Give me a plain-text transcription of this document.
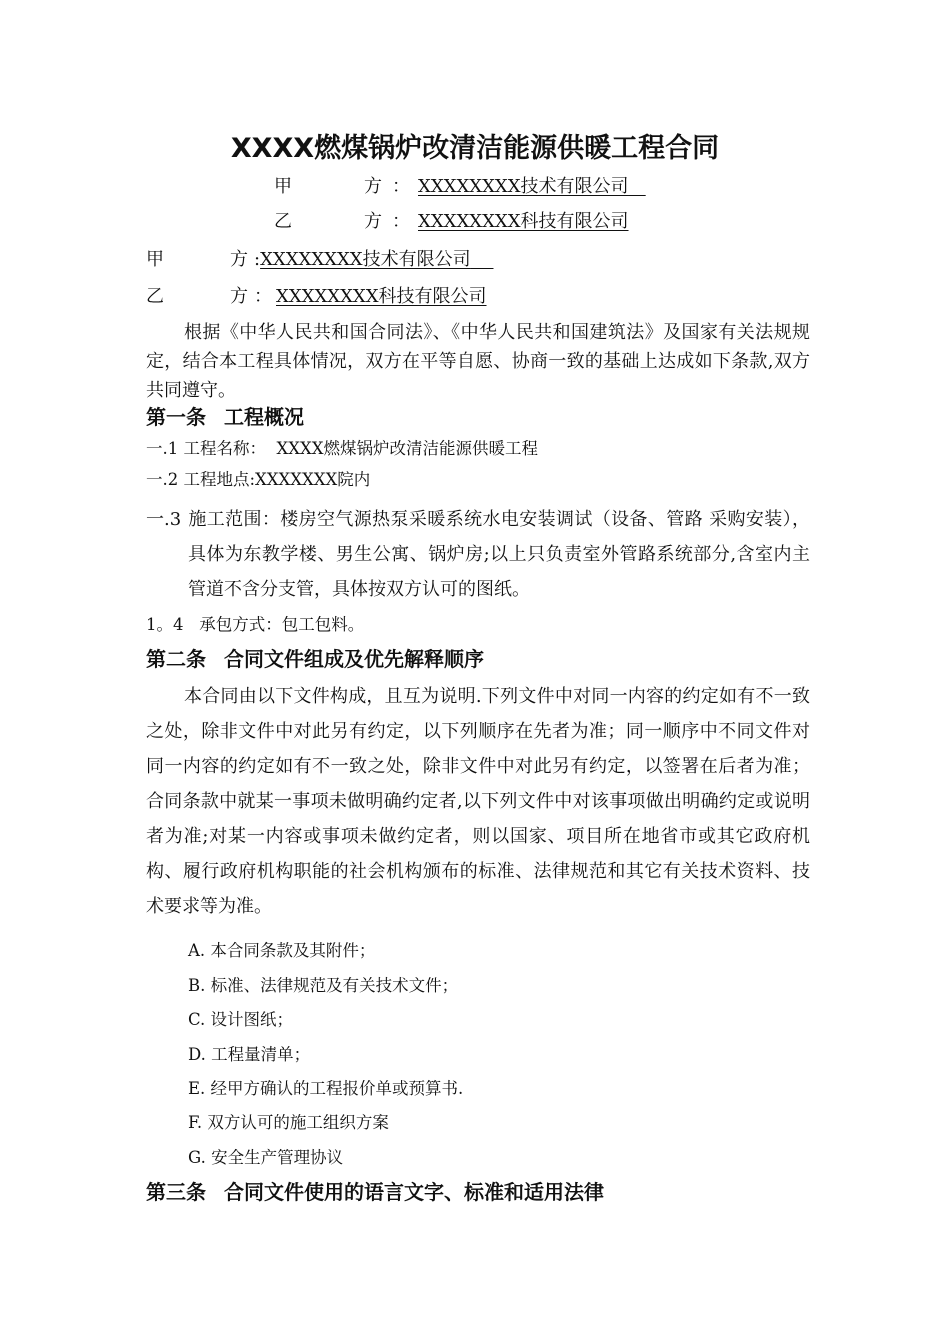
XXXX燃煤锅炉改清洁能源供暖工程合同
甲	方 ： XXXXXXXX技术有限公司
乙	方 ： XXXXXXXX科技有限公司
甲	方 :XXXXXXXX技术有限公司
乙	方 ： XXXXXXXX科技有限公司
根据《中华人民共和国合同法》、《中华人民共和国建筑法》及国家有关法规规定，结合本工程具体情况，双方在平等自愿、协商一致的基础上达成如下条款,双方共同遵守。
第一条 工程概况
一.1 工程名称： XXXX燃煤锅炉改清洁能源供暖工程
一.2 工程地点:XXXXXXX院内
一.3 施工范围：楼房空气源热泵采暖系统水电安装调试（设备、管路 采购安装），具体为东教学楼、男生公寓、锅炉房;以上只负责室外管路系统部分,含室内主管道不含分支管，具体按双方认可的图纸。
1。4 承包方式：包工包料。
第二条 合同文件组成及优先解释顺序
本合同由以下文件构成，且互为说明.下列文件中对同一内容的约定如有不一致之处，除非文件中对此另有约定，以下列顺序在先者为准；同一顺序中不同文件对同一内容的约定如有不一致之处，除非文件中对此另有约定，以签署在后者为准；合同条款中就某一事项未做明确约定者,以下列文件中对该事项做出明确约定或说明者为准;对某一内容或事项未做约定者，则以国家、项目所在地省市或其它政府机构、履行政府机构职能的社会机构颁布的标准、法律规范和其它有关技术资料、技术要求等为准。
A. 本合同条款及其附件；
B. 标准、法律规范及有关技术文件；
C. 设计图纸；
D. 工程量清单；
E. 经甲方确认的工程报价单或预算书.
F. 双方认可的施工组织方案
G. 安全生产管理协议
第三条 合同文件使用的语言文字、标准和适用法律
